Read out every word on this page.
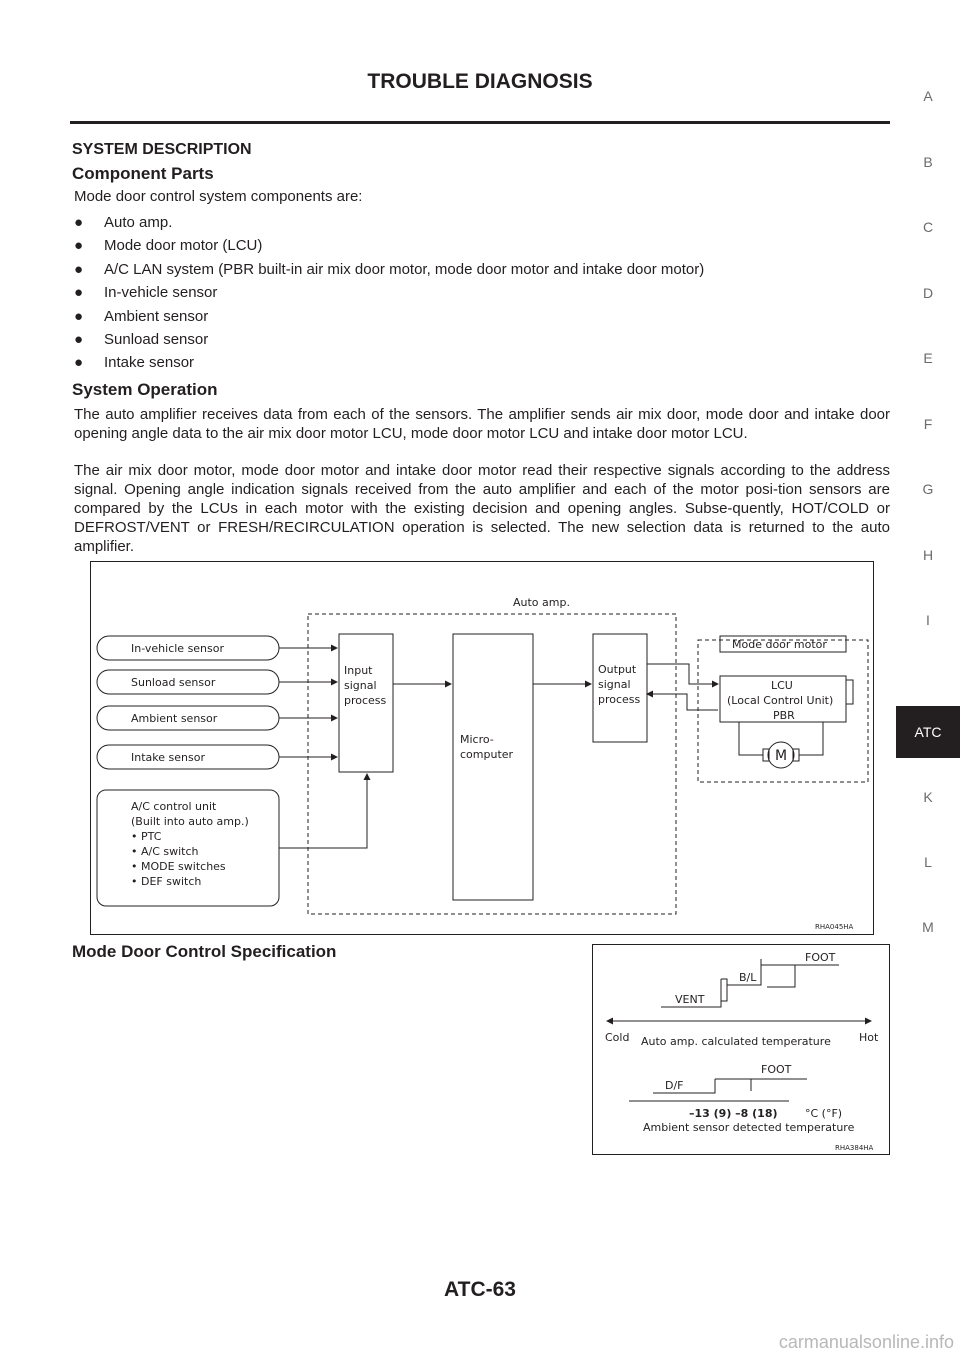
TROUBLE DIAGNOSIS
A
B
C
D
E
F
G
H
I
ATC
K
L
M
SYSTEM DESCRIPTION
Component Parts

Mode door control system components are:

● Auto amp.
● Mode door motor (LCU)
● A/C LAN system (PBR built-in air mix door motor, mode door motor and intake door motor)
● In-vehicle sensor
● Ambient sensor
● Sunload sensor
● Intake sensor
System Operation

The auto amplifier receives data from each of the sensors. The amplifier sends air mix door, mode door and intake door opening angle data to the air mix door motor LCU, mode door motor LCU and intake door motor LCU.

The air mix door motor, mode door motor and intake door motor read their respective signals according to the address signal. Opening angle indication signals received from the auto amplifier and each of the motor posi-tion sensors are compared by the LCUs in each motor with the existing decision and opening angles. Subse-quently, HOT/COLD or DEFROST/VENT or FRESH/RECIRCULATION operation is selected. The new selection data is returned to the auto amplifier.

Auto amp.
In-vehicle sensor
Sunload sensor
Ambient sensor
Intake sensor
A/C control unit
(Built into auto amp.)
• PTC
• A/C switch
• MODE switches
• DEF switch
Input
signal
process
Micro-
computer
Output
signal
process
Mode door motor
LCU
(Local Control Unit)
PBR
M
RHA045HA
Mode Door Control Specification	FOOT
B/L
VENT
Cold Auto amp. calculated temperature	Hot
FOOT
D/F
–13 (9) –8 (18) °C (°F)
Ambient sensor detected temperature
RHA384HA
ATC-63
carmanualsonline.info
